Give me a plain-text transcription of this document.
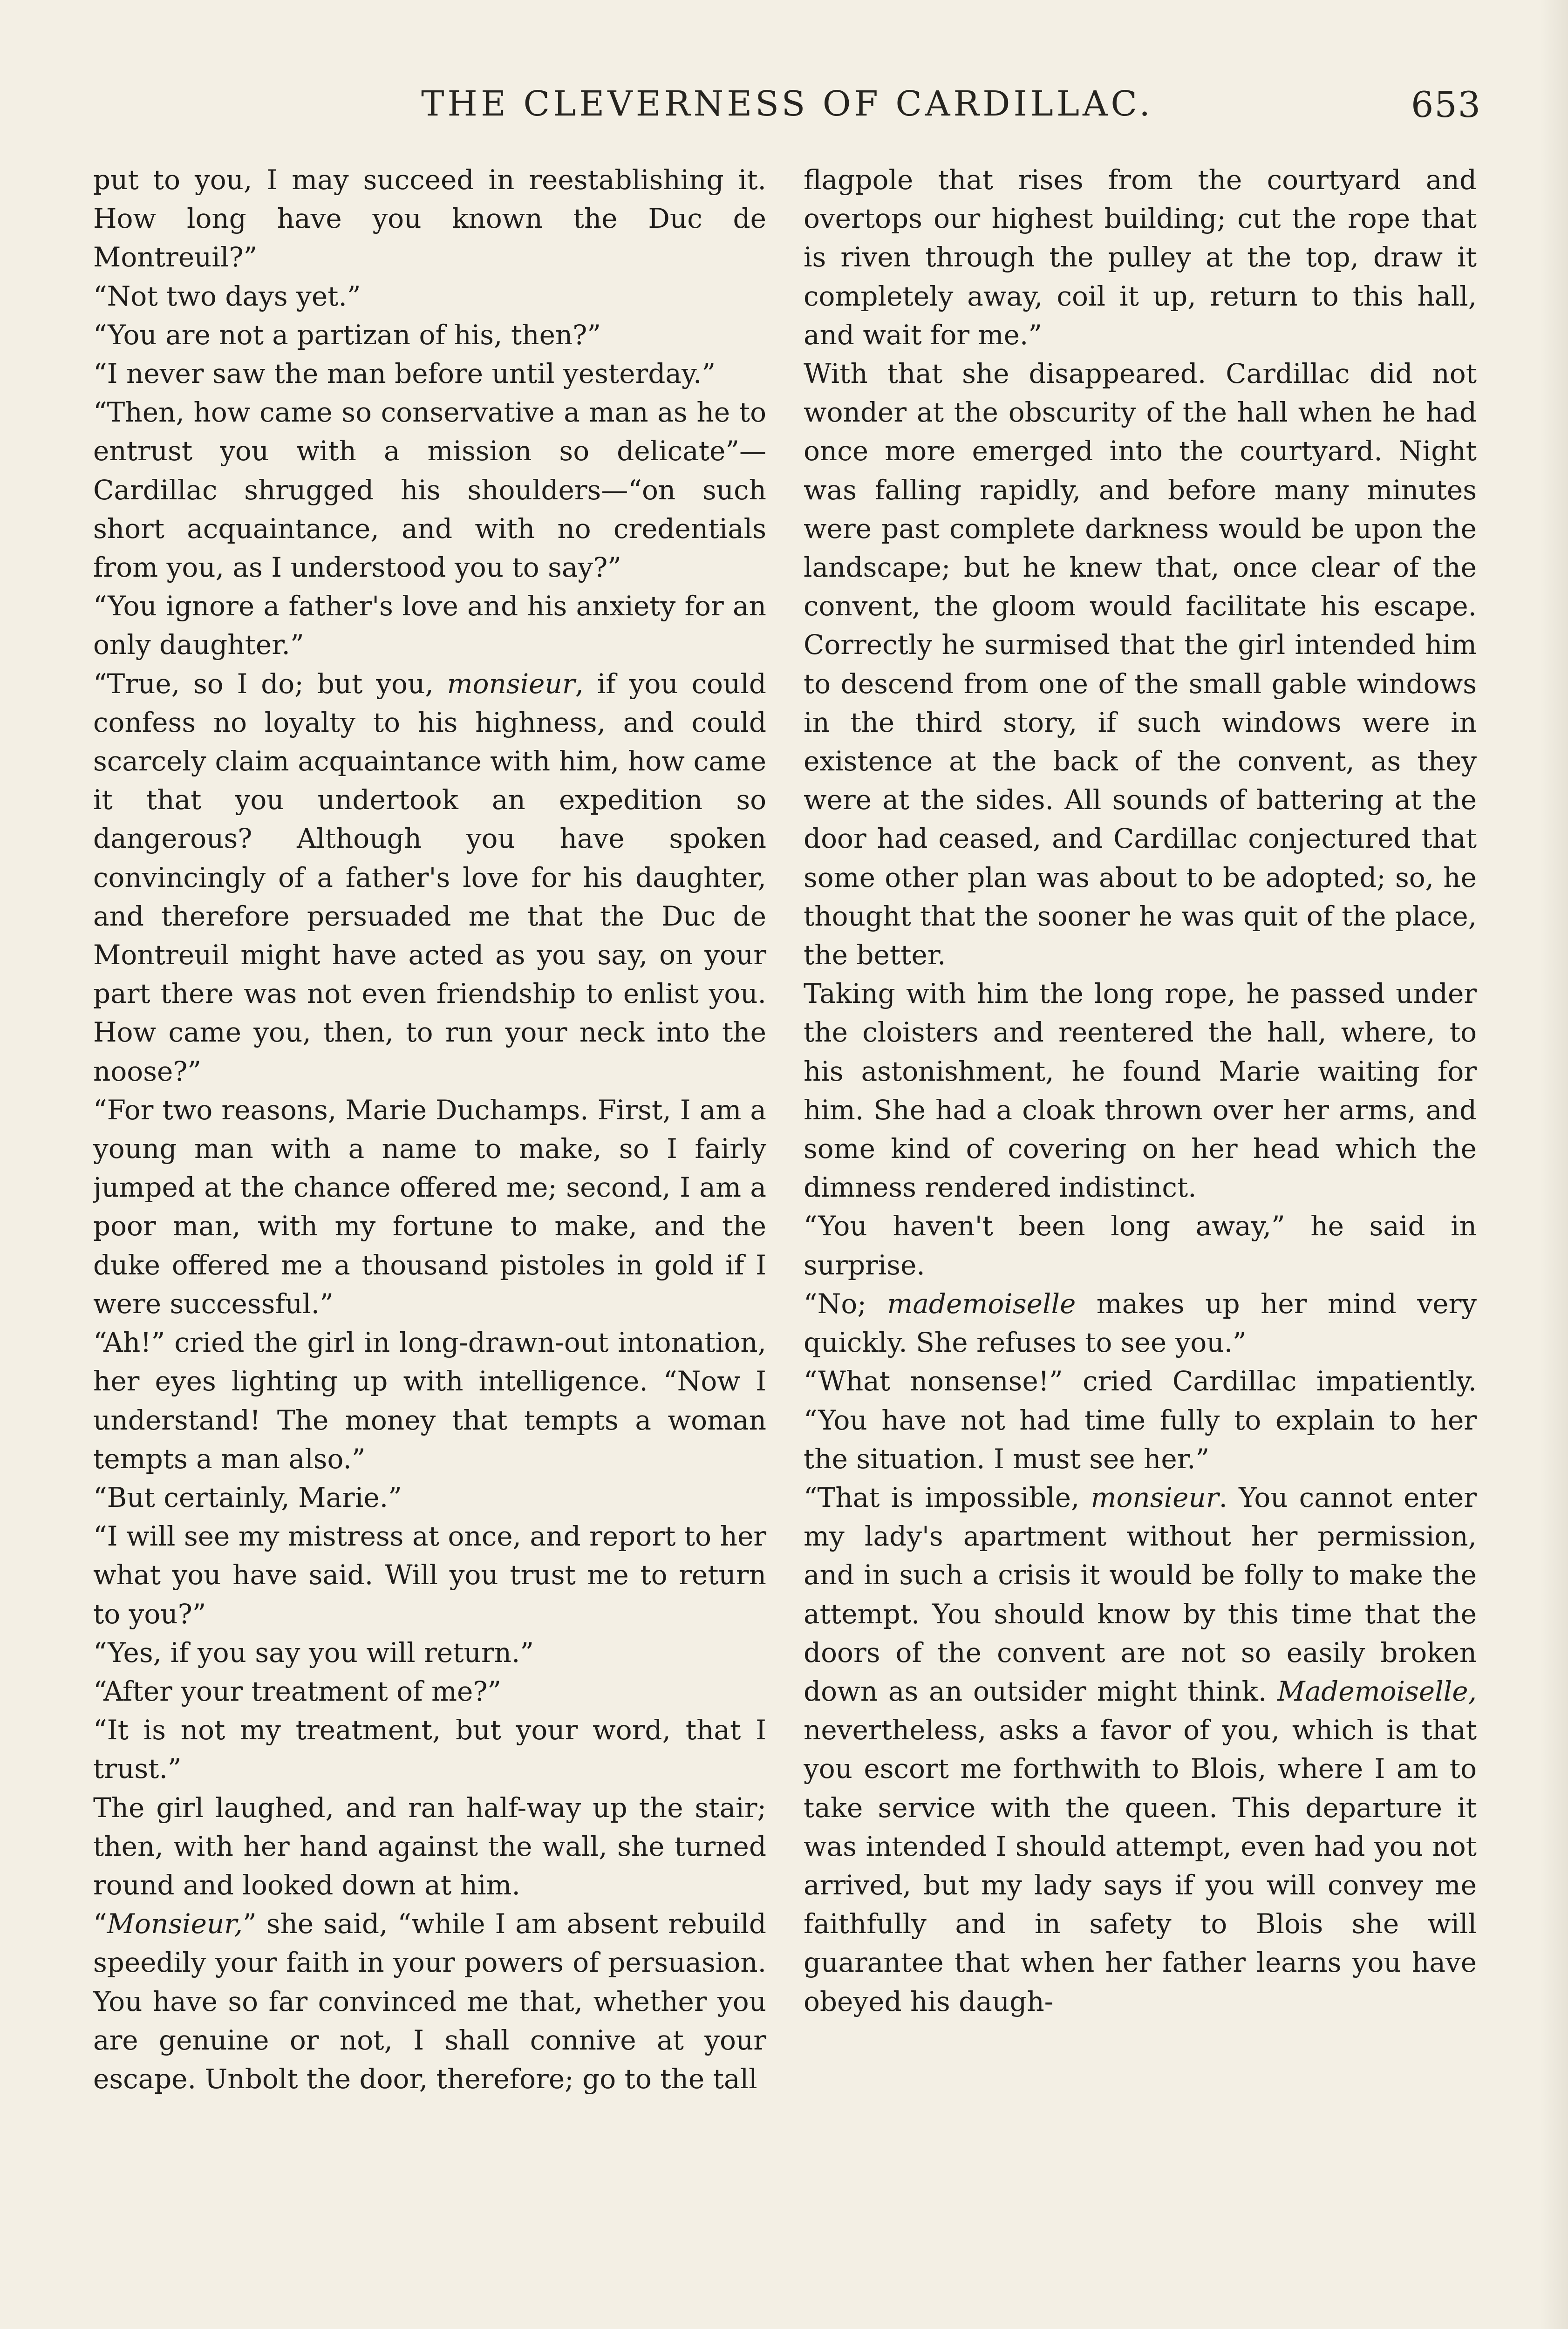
THE CLEVERNESS OF CARDILLAC.	653

put to you, I may succeed in reestablishing it. How long have you known the Duc de Montreuil?”

“Not two days yet.”

“You are not a partizan of his, then?”

“I never saw the man before until yesterday.”

“Then, how came so conservative a man as he to entrust you with a mission so delicate”—Cardillac shrugged his shoulders—“on such short acquaintance, and with no credentials from you, as I understood you to say?”

“You ignore a father's love and his anxiety for an only daughter.”

“True, so I do; but you, monsieur, if you could confess no loyalty to his highness, and could scarcely claim acquaintance with him, how came it that you undertook an expedition so dangerous? Although you have spoken convincingly of a father's love for his daughter, and therefore persuaded me that the Duc de Montreuil might have acted as you say, on your part there was not even friendship to enlist you. How came you, then, to run your neck into the noose?”

“For two reasons, Marie Duchamps. First, I am a young man with a name to make, so I fairly jumped at the chance offered me; second, I am a poor man, with my fortune to make, and the duke offered me a thousand pistoles in gold if I were successful.”

“Ah!” cried the girl in long-drawn-out intonation, her eyes lighting up with intelligence. “Now I understand! The money that tempts a woman tempts a man also.”

“But certainly, Marie.”

“I will see my mistress at once, and report to her what you have said. Will you trust me to return to you?”

“Yes, if you say you will return.”

“After your treatment of me?”

“It is not my treatment, but your word, that I trust.”

The girl laughed, and ran half-way up the stair; then, with her hand against the wall, she turned round and looked down at him.

“Monsieur,” she said, “while I am absent rebuild speedily your faith in your powers of persuasion. You have so far convinced me that, whether you are genuine or not, I shall connive at your escape. Unbolt the door, therefore; go to the tall

flagpole that rises from the courtyard and overtops our highest building; cut the rope that is riven through the pulley at the top, draw it completely away, coil it up, return to this hall, and wait for me.”

With that she disappeared. Cardillac did not wonder at the obscurity of the hall when he had once more emerged into the courtyard. Night was falling rapidly, and before many minutes were past complete darkness would be upon the landscape; but he knew that, once clear of the convent, the gloom would facilitate his escape. Correctly he surmised that the girl intended him to descend from one of the small gable windows in the third story, if such windows were in existence at the back of the convent, as they were at the sides. All sounds of battering at the door had ceased, and Cardillac conjectured that some other plan was about to be adopted; so, he thought that the sooner he was quit of the place, the better.

Taking with him the long rope, he passed under the cloisters and reentered the hall, where, to his astonishment, he found Marie waiting for him. She had a cloak thrown over her arms, and some kind of covering on her head which the dimness rendered indistinct.

“You haven't been long away,” he said in surprise.

“No; mademoiselle makes up her mind very quickly. She refuses to see you.”

“What nonsense!” cried Cardillac impatiently. “You have not had time fully to explain to her the situation. I must see her.”

“That is impossible, monsieur. You cannot enter my lady's apartment without her permission, and in such a crisis it would be folly to make the attempt. You should know by this time that the doors of the convent are not so easily broken down as an outsider might think. Mademoiselle, nevertheless, asks a favor of you, which is that you escort me forthwith to Blois, where I am to take service with the queen. This departure it was intended I should attempt, even had you not arrived, but my lady says if you will convey me faithfully and in safety to Blois she will guarantee that when her father learns you have obeyed his daugh-
